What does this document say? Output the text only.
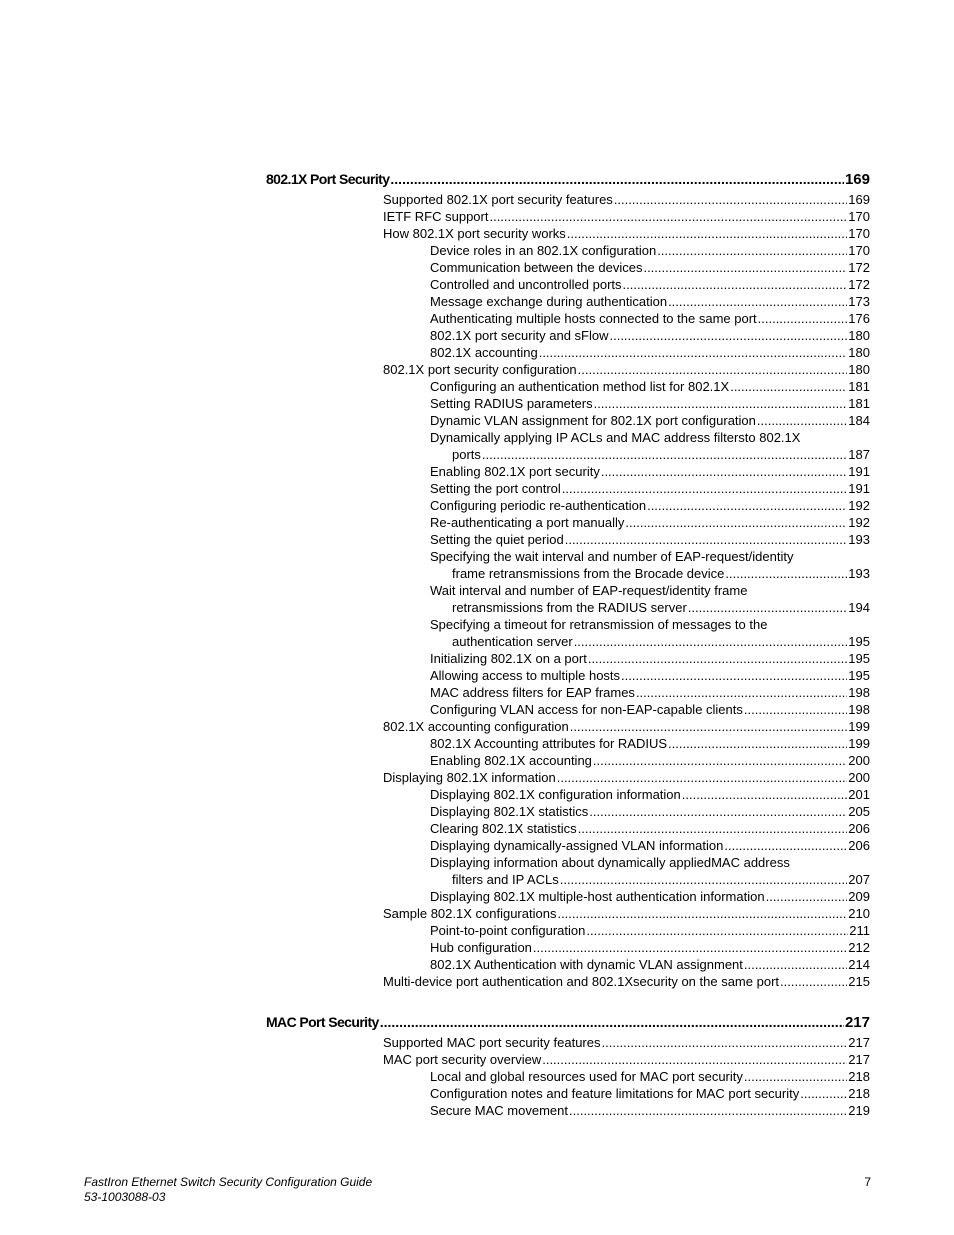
802.1X Port Security .....	169
Supported 802.1X port security features .....	169
IETF RFC support .....	170
How 802.1X port security works .....	170
Device roles in an 802.1X configuration .....	170
Communication between the devices .....	172
Controlled and uncontrolled ports .....	172
Message exchange during authentication .....	173
Authenticating multiple hosts connected to the same port .....	176
802.1X port security and sFlow .....	180
802.1X accounting .....	180
802.1X port security configuration .....	180
Configuring an authentication method list for 802.1X .....	181
Setting RADIUS parameters .....	181
Dynamic VLAN assignment for 802.1X port configuration .....	184
Dynamically applying IP ACLs and MAC address filtersto 802.1X
ports .....	187
Enabling 802.1X port security .....	191
Setting the port control .....	191
Configuring periodic re-authentication .....	192
Re-authenticating a port manually .....	192
Setting the quiet period .....	193
Specifying the wait interval and number of EAP-request/identity
frame retransmissions from the Brocade device .....	193
Wait interval and number of EAP-request/identity frame
retransmissions from the RADIUS server .....	194
Specifying a timeout for retransmission of messages to the
authentication server .....	195
Initializing 802.1X on a port .....	195
Allowing access to multiple hosts .....	195
MAC address filters for EAP frames .....	198
Configuring VLAN access for non-EAP-capable clients .....	198
802.1X accounting configuration .....	199
802.1X Accounting attributes for RADIUS .....	199
Enabling 802.1X accounting .....	200
Displaying 802.1X information .....	200
Displaying 802.1X configuration information .....	201
Displaying 802.1X statistics .....	205
Clearing 802.1X statistics .....	206
Displaying dynamically-assigned VLAN information .....	206
Displaying information about dynamically appliedMAC address
filters and IP ACLs .....	207
Displaying 802.1X multiple-host authentication information .....	209
Sample 802.1X configurations .....	210
Point-to-point configuration .....	211
Hub configuration .....	212
802.1X Authentication with dynamic VLAN assignment .....	214
Multi-device port authentication and 802.1Xsecurity on the same port .....	215
MAC Port Security .....	217
Supported MAC port security features .....	217
MAC port security overview .....	217
Local and global resources used for MAC port security .....	218
Configuration notes and feature limitations for MAC port security .....	218
Secure MAC movement .....	219
FastIron Ethernet Switch Security Configuration Guide
53-1003088-03
7
